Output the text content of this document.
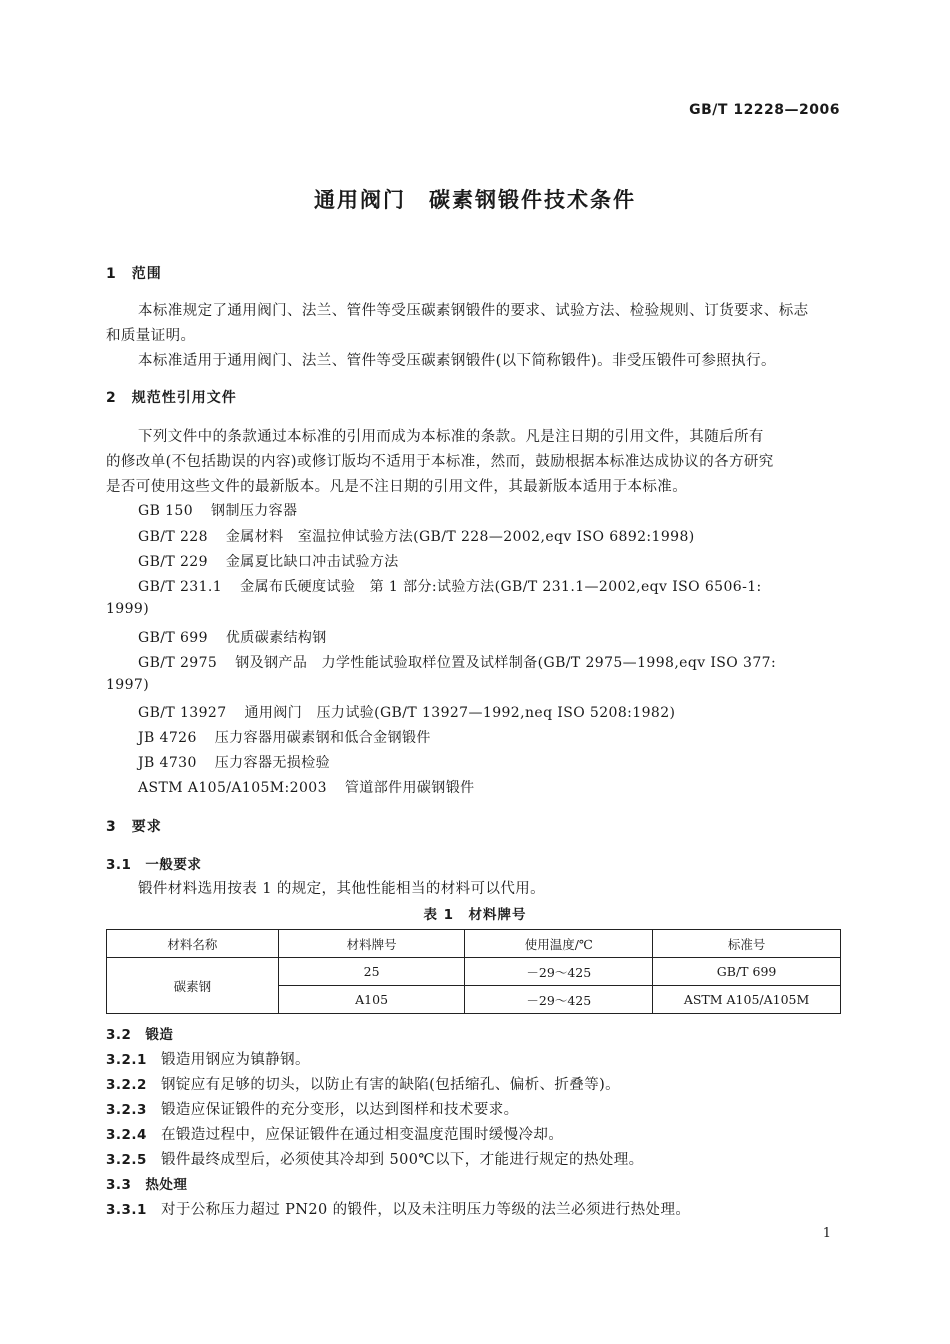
GB/T 12228—2006
通用阀门　碳素钢锻件技术条件
1　范围
本标准规定了通用阀门、法兰、管件等受压碳素钢锻件的要求、试验方法、检验规则、订货要求、标志
和质量证明。
本标准适用于通用阀门、法兰、管件等受压碳素钢锻件(以下简称锻件)。非受压锻件可参照执行。
2　规范性引用文件
下列文件中的条款通过本标准的引用而成为本标准的条款。凡是注日期的引用文件，其随后所有
的修改单(不包括勘误的内容)或修订版均不适用于本标准，然而，鼓励根据本标准达成协议的各方研究
是否可使用这些文件的最新版本。凡是不注日期的引用文件，其最新版本适用于本标准。
GB 150 钢制压力容器
GB/T 228 金属材料　室温拉伸试验方法(GB/T 228—2002,eqv ISO 6892:1998)
GB/T 229 金属夏比缺口冲击试验方法
GB/T 231.1 金属布氏硬度试验　第 1 部分:试验方法(GB/T 231.1—2002,eqv ISO 6506-1:
1999)
GB/T 699 优质碳素结构钢
GB/T 2975 钢及钢产品　力学性能试验取样位置及试样制备(GB/T 2975—1998,eqv ISO 377:
1997)
GB/T 13927 通用阀门　压力试验(GB/T 13927—1992,neq ISO 5208:1982)
JB 4726 压力容器用碳素钢和低合金钢锻件
JB 4730 压力容器无损检验
ASTM A105/A105M:2003 管道部件用碳钢锻件
3　要求
3.1　一般要求
锻件材料选用按表 1 的规定，其他性能相当的材料可以代用。
表 1　材料牌号
材料名称	材料牌号	使用温度/℃	标准号
碳素钢	25	－29～425	GB/T 699
	A105	－29～425	ASTM A105/A105M
3.2　锻造
3.2.1 锻造用钢应为镇静钢。
3.2.2 钢锭应有足够的切头，以防止有害的缺陷(包括缩孔、偏析、折叠等)。
3.2.3 锻造应保证锻件的充分变形，以达到图样和技术要求。
3.2.4 在锻造过程中，应保证锻件在通过相变温度范围时缓慢冷却。
3.2.5 锻件最终成型后，必须使其冷却到 500℃以下，才能进行规定的热处理。
3.3　热处理
3.3.1 对于公称压力超过 PN20 的锻件，以及未注明压力等级的法兰必须进行热处理。
1
